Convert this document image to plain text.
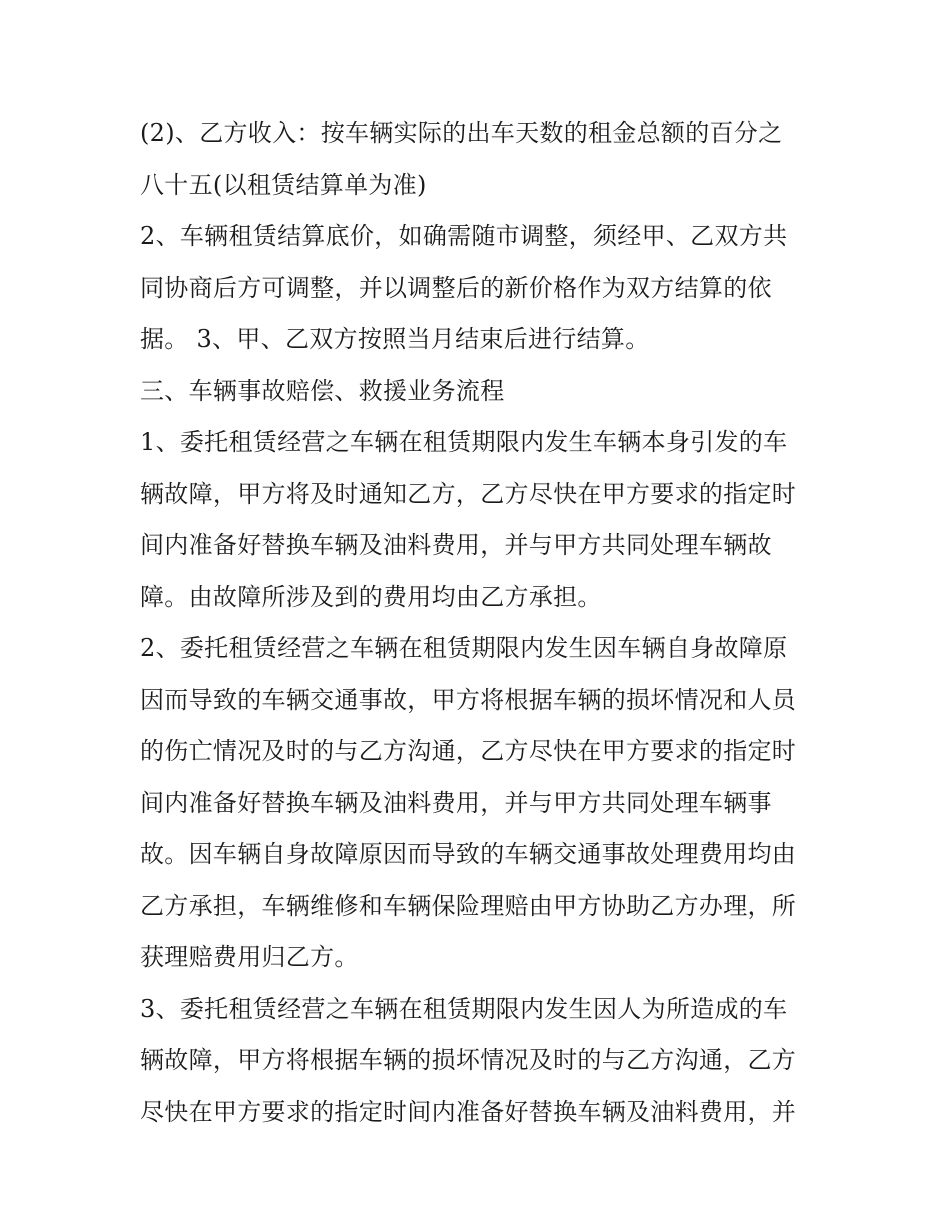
(2)、乙方收入：按车辆实际的出车天数的租金总额的百分之
八十五(以租赁结算单为准)
2、车辆租赁结算底价，如确需随市调整，须经甲、乙双方共
同协商后方可调整，并以调整后的新价格作为双方结算的依
据。 3、甲、乙双方按照当月结束后进行结算。
三、车辆事故赔偿、救援业务流程
1、委托租赁经营之车辆在租赁期限内发生车辆本身引发的车
辆故障，甲方将及时通知乙方，乙方尽快在甲方要求的指定时
间内准备好替换车辆及油料费用，并与甲方共同处理车辆故
障。由故障所涉及到的费用均由乙方承担。
2、委托租赁经营之车辆在租赁期限内发生因车辆自身故障原
因而导致的车辆交通事故，甲方将根据车辆的损坏情况和人员
的伤亡情况及时的与乙方沟通，乙方尽快在甲方要求的指定时
间内准备好替换车辆及油料费用，并与甲方共同处理车辆事
故。因车辆自身故障原因而导致的车辆交通事故处理费用均由
乙方承担，车辆维修和车辆保险理赔由甲方协助乙方办理，所
获理赔费用归乙方。
3、委托租赁经营之车辆在租赁期限内发生因人为所造成的车
辆故障，甲方将根据车辆的损坏情况及时的与乙方沟通，乙方
尽快在甲方要求的指定时间内准备好替换车辆及油料费用，并
